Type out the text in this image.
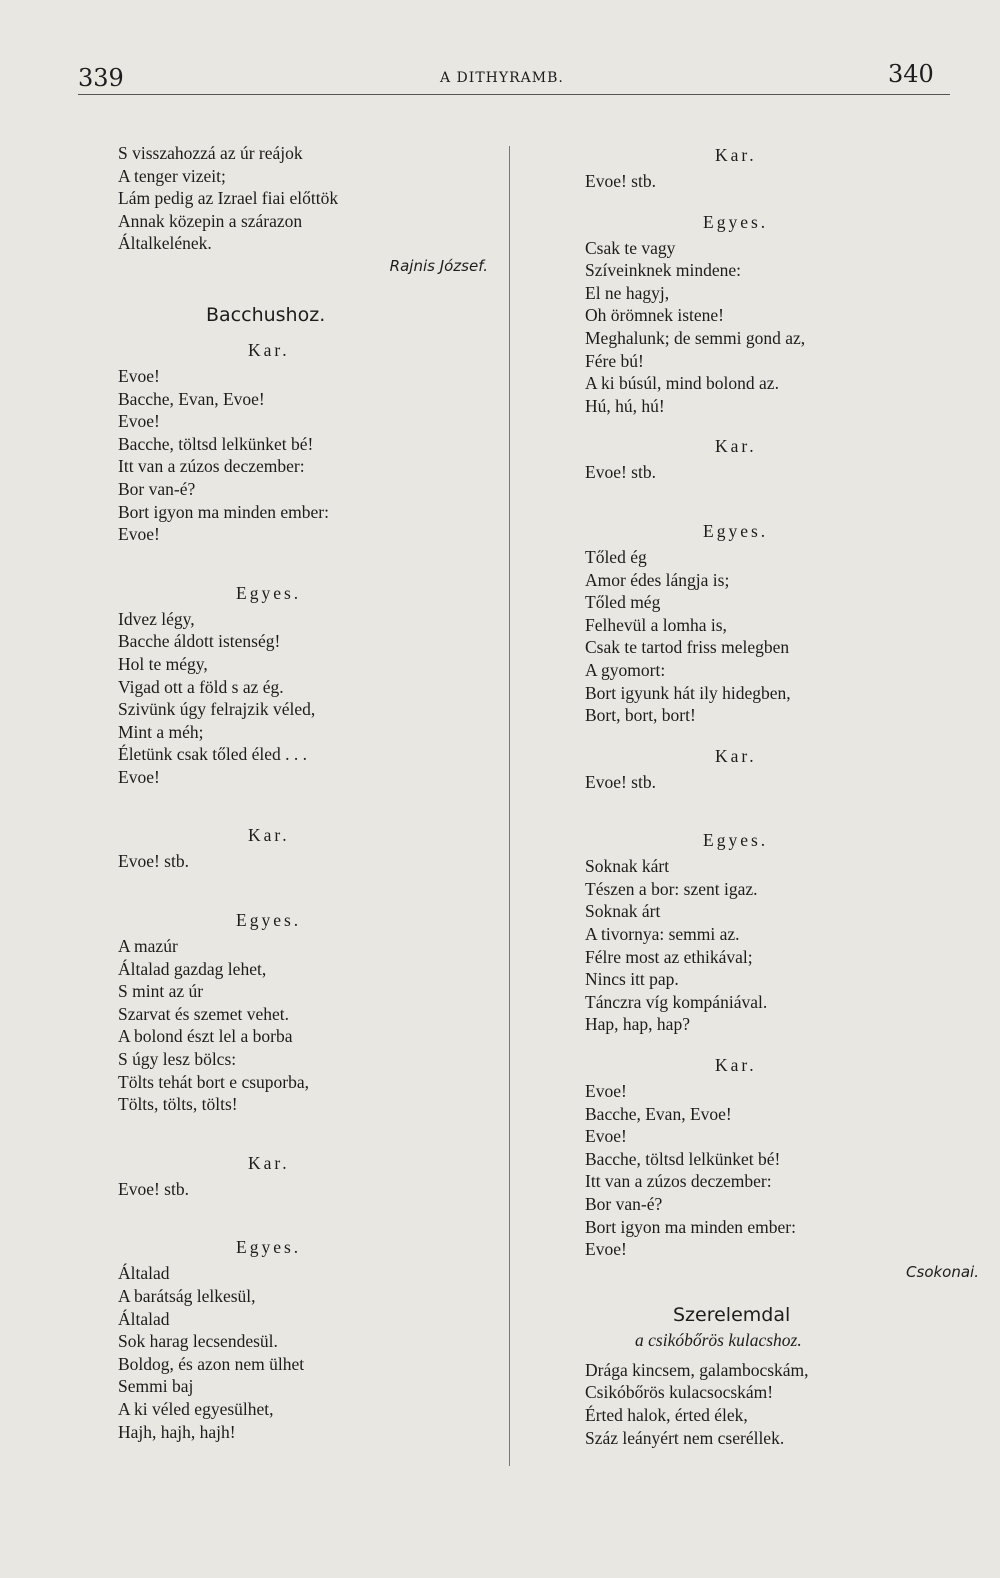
339	A DITHYRAMB.	340
S visszahozzá az úr reájok
A tenger vizeit;
Lám pedig az Izrael fiai előttök
Annak közepin a szárazon
Általkelének.
Rajnis József.
Bacchushoz.
Kar.
Evoe!
Bacche, Evan, Evoe!
Evoe!
Bacche, töltsd lelkünket bé!
Itt van a zúzos deczember:
Bor van-é?
Bort igyon ma minden ember:
Evoe!
Egyes.
Idvez légy,
Bacche áldott istenség!
Hol te mégy,
Vigad ott a föld s az ég.
Szivünk úgy felrajzik véled,
Mint a méh;
Életünk csak tőled éled . . .
Evoe!
Kar.
Evoe! stb.
Egyes.
A mazúr
Általad gazdag lehet,
S mint az úr
Szarvat és szemet vehet.
A bolond észt lel a borba
S úgy lesz bölcs:
Tölts tehát bort e csuporba,
Tölts, tölts, tölts!
Kar.
Evoe! stb.
Egyes.
Általad
A barátság lelkesül,
Általad
Sok harag lecsendesül.
Boldog, és azon nem ülhet
Semmi baj
A ki véled egyesülhet,
Hajh, hajh, hajh!
Kar.
Evoe! stb.
Egyes.
Csak te vagy
Szíveinknek mindene:
El ne hagyj,
Oh örömnek istene!
Meghalunk; de semmi gond az,
Fére bú!
A ki búsúl, mind bolond az.
Hú, hú, hú!
Kar.
Evoe! stb.
Egyes.
Tőled ég
Amor édes lángja is;
Tőled még
Felhevül a lomha is,
Csak te tartod friss melegben
A gyomort:
Bort igyunk hát ily hidegben,
Bort, bort, bort!
Kar.
Evoe! stb.
Egyes.
Soknak kárt
Tészen a bor: szent igaz.
Soknak árt
A tivornya: semmi az.
Félre most az ethikával;
Nincs itt pap.
Tánczra víg kompániával.
Hap, hap, hap?
Kar.
Evoe!
Bacche, Evan, Evoe!
Evoe!
Bacche, töltsd lelkünket bé!
Itt van a zúzos deczember:
Bor van-é?
Bort igyon ma minden ember:
Evoe!
Csokonai.
Szerelemdal
a csikóbőrös kulacshoz.
Drága kincsem, galambocskám,
Csikóbőrös kulacsocskám!
Érted halok, érted élek,
Száz leányért nem cseréllek.
